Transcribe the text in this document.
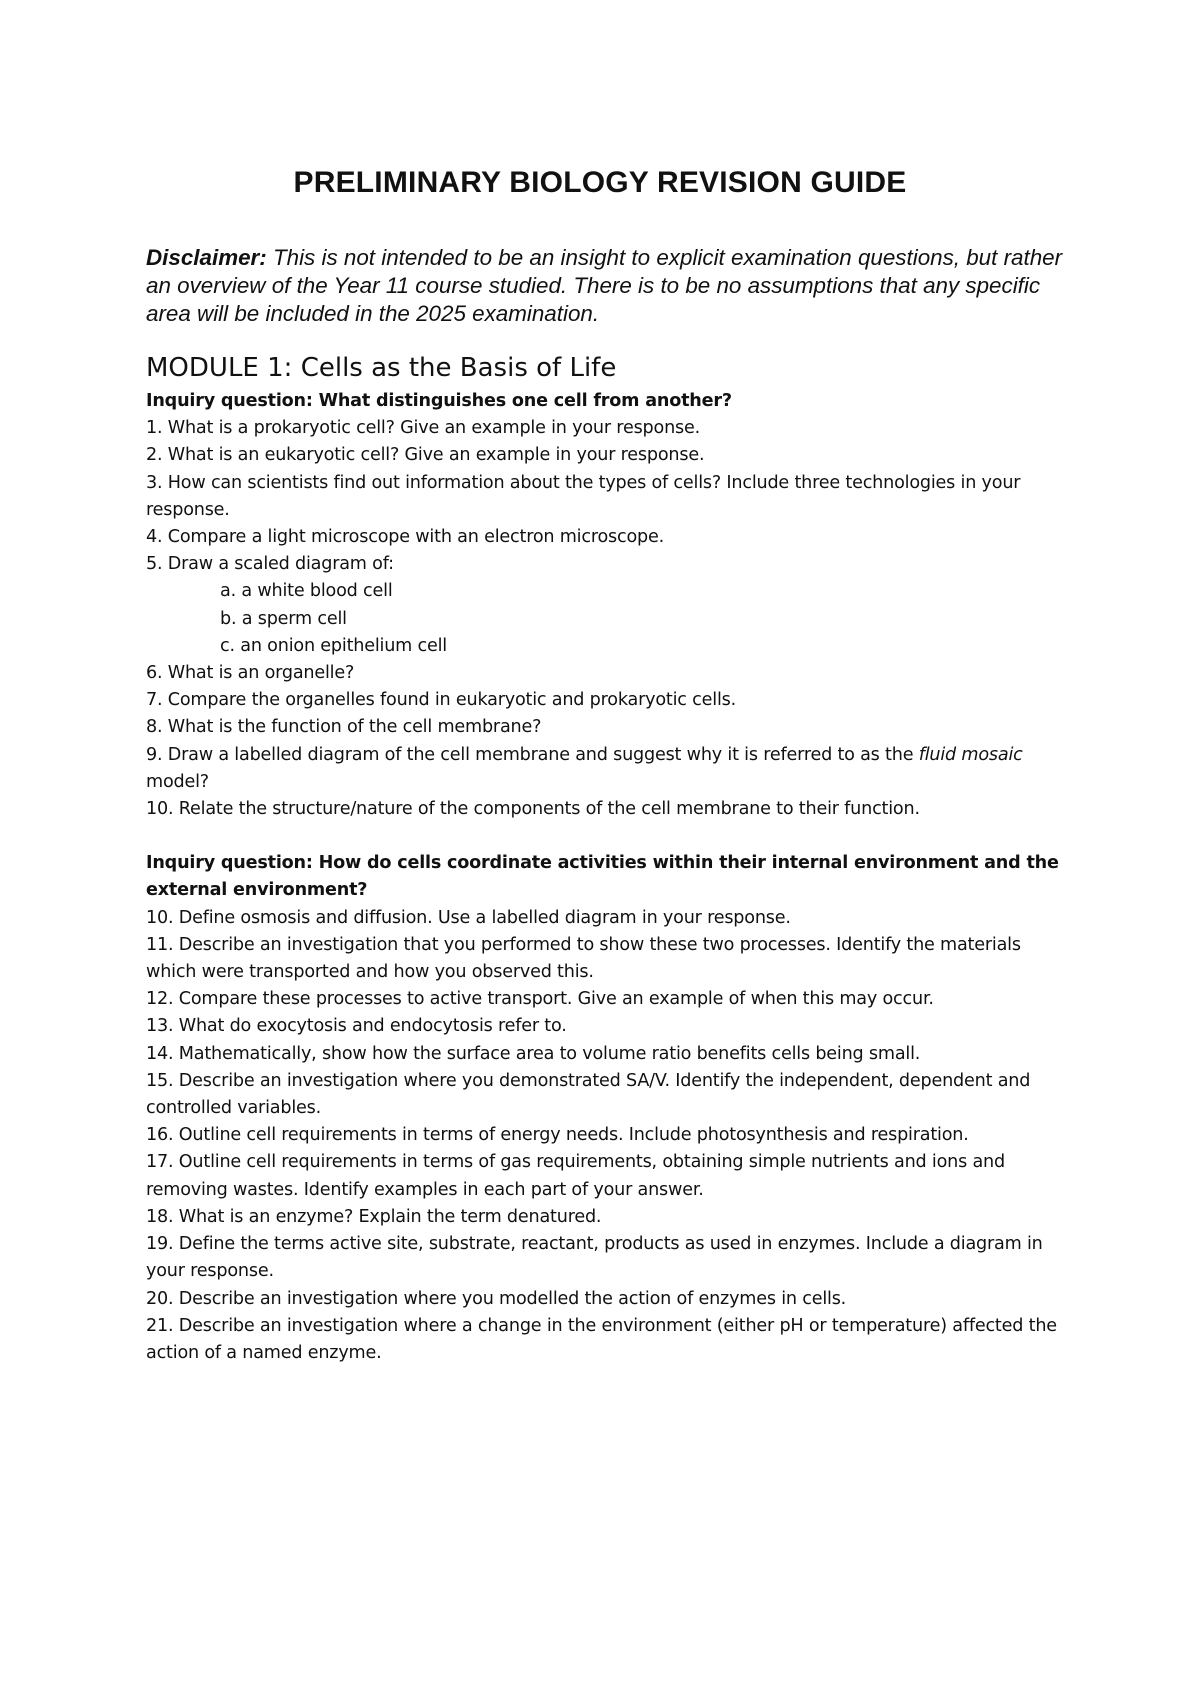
PRELIMINARY BIOLOGY REVISION GUIDE
Disclaimer: This is not intended to be an insight to explicit examination questions, but rather an overview of the Year 11 course studied. There is to be no assumptions that any specific area will be included in the 2025 examination.
MODULE 1: Cells as the Basis of Life
Inquiry question: What distinguishes one cell from another?
1. What is a prokaryotic cell? Give an example in your response.
2. What is an eukaryotic cell? Give an example in your response.
3. How can scientists find out information about the types of cells? Include three technologies in your response.
4. Compare a light microscope with an electron microscope.
5. Draw a scaled diagram of:
a. a white blood cell
b. a sperm cell
c. an onion epithelium cell
6. What is an organelle?
7. Compare the organelles found in eukaryotic and prokaryotic cells.
8. What is the function of the cell membrane?
9. Draw a labelled diagram of the cell membrane and suggest why it is referred to as the fluid mosaic model?
10. Relate the structure/nature of the components of the cell membrane to their function.
Inquiry question: How do cells coordinate activities within their internal environment and the external environment?
10. Define osmosis and diffusion. Use a labelled diagram in your response.
11. Describe an investigation that you performed to show these two processes. Identify the materials which were transported and how you observed this.
12. Compare these processes to active transport. Give an example of when this may occur.
13. What do exocytosis and endocytosis refer to.
14. Mathematically, show how the surface area to volume ratio benefits cells being small.
15. Describe an investigation where you demonstrated SA/V. Identify the independent, dependent and controlled variables.
16. Outline cell requirements in terms of energy needs. Include photosynthesis and respiration.
17. Outline cell requirements in terms of gas requirements, obtaining simple nutrients and ions and removing wastes. Identify examples in each part of your answer.
18. What is an enzyme? Explain the term denatured.
19. Define the terms active site, substrate, reactant, products as used in enzymes. Include a diagram in your response.
20. Describe an investigation where you modelled the action of enzymes in cells.
21. Describe an investigation where a change in the environment (either pH or temperature) affected the action of a named enzyme.
